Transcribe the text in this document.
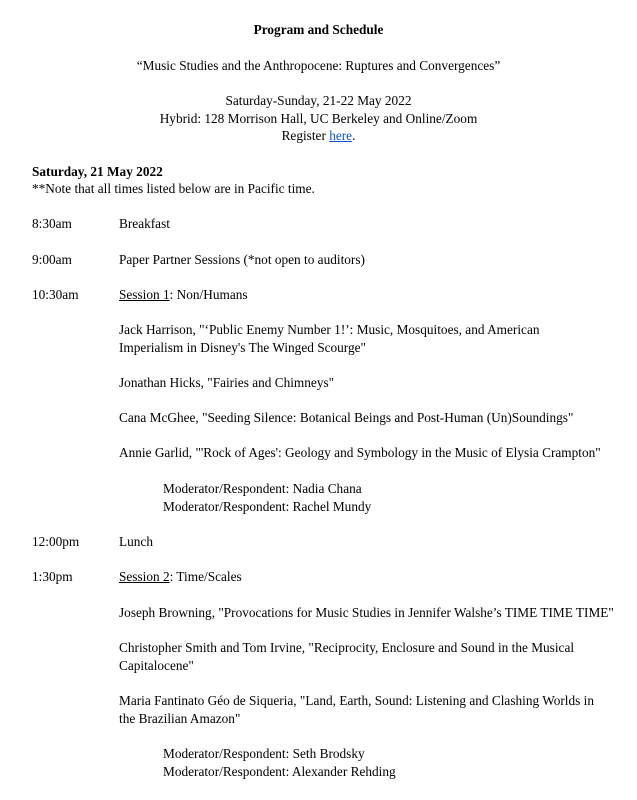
Program and Schedule
“Music Studies and the Anthropocene: Ruptures and Convergences”
Saturday-Sunday, 21-22 May 2022
Hybrid: 128 Morrison Hall, UC Berkeley and Online/Zoom
Register here.
Saturday, 21 May 2022
**Note that all times listed below are in Pacific time.
8:30am	Breakfast
9:00am	Paper Partner Sessions (*not open to auditors)
10:30am	Session 1: Non/Humans
Jack Harrison, "‘Public Enemy Number 1!’: Music, Mosquitoes, and American
Imperialism in Disney's The Winged Scourge"
Jonathan Hicks, "Fairies and Chimneys"
Cana McGhee, "Seeding Silence: Botanical Beings and Post-Human (Un)Soundings"
Annie Garlid, "'Rock of Ages': Geology and Symbology in the Music of Elysia Crampton"
Moderator/Respondent: Nadia Chana
Moderator/Respondent: Rachel Mundy
12:00pm	Lunch
1:30pm	Session 2: Time/Scales
Joseph Browning, "Provocations for Music Studies in Jennifer Walshe’s TIME TIME TIME"
Christopher Smith and Tom Irvine, "Reciprocity, Enclosure and Sound in the Musical
Capitalocene"
Maria Fantinato Géo de Siqueria, "Land, Earth, Sound: Listening and Clashing Worlds in
the Brazilian Amazon"
Moderator/Respondent: Seth Brodsky
Moderator/Respondent: Alexander Rehding
